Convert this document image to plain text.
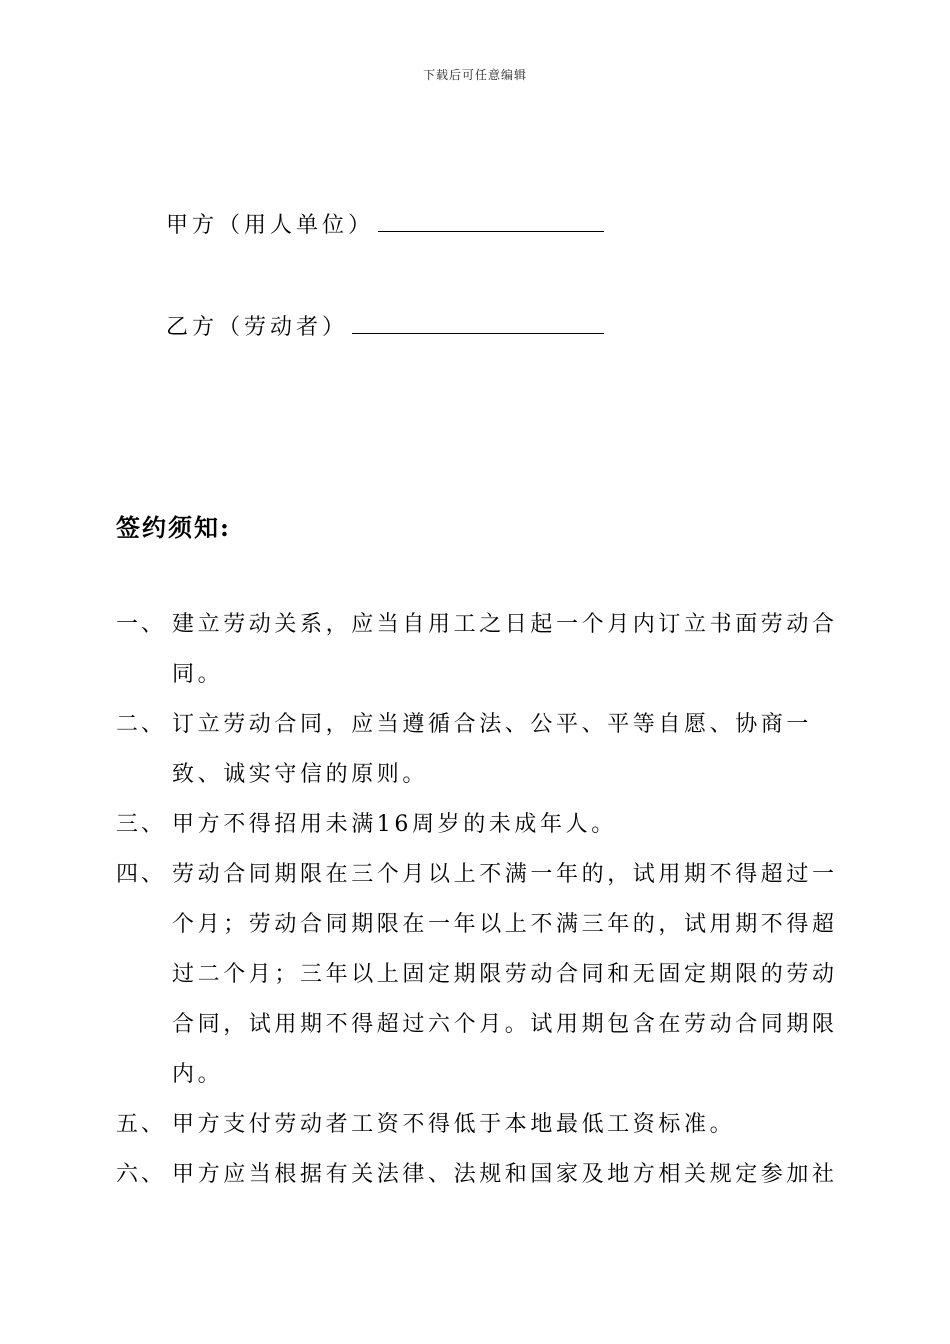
下载后可任意编辑
甲方（用人单位）
乙方（劳动者）
签约须知:
一、 建立劳动关系，应当自用工之日起一个月内订立书面劳动合同。
二、 订立劳动合同，应当遵循合法、公平、平等自愿、协商一致、诚实守信的原则。
三、 甲方不得招用未满16周岁的未成年人。
四、 劳动合同期限在三个月以上不满一年的，试用期不得超过一个月；劳动合同期限在一年以上不满三年的，试用期不得超过二个月；三年以上固定期限劳动合同和无固定期限的劳动合同，试用期不得超过六个月。试用期包含在劳动合同期限内。
五、 甲方支付劳动者工资不得低于本地最低工资标准。
六、 甲方应当根据有关法律、法规和国家及地方相关规定参加社
